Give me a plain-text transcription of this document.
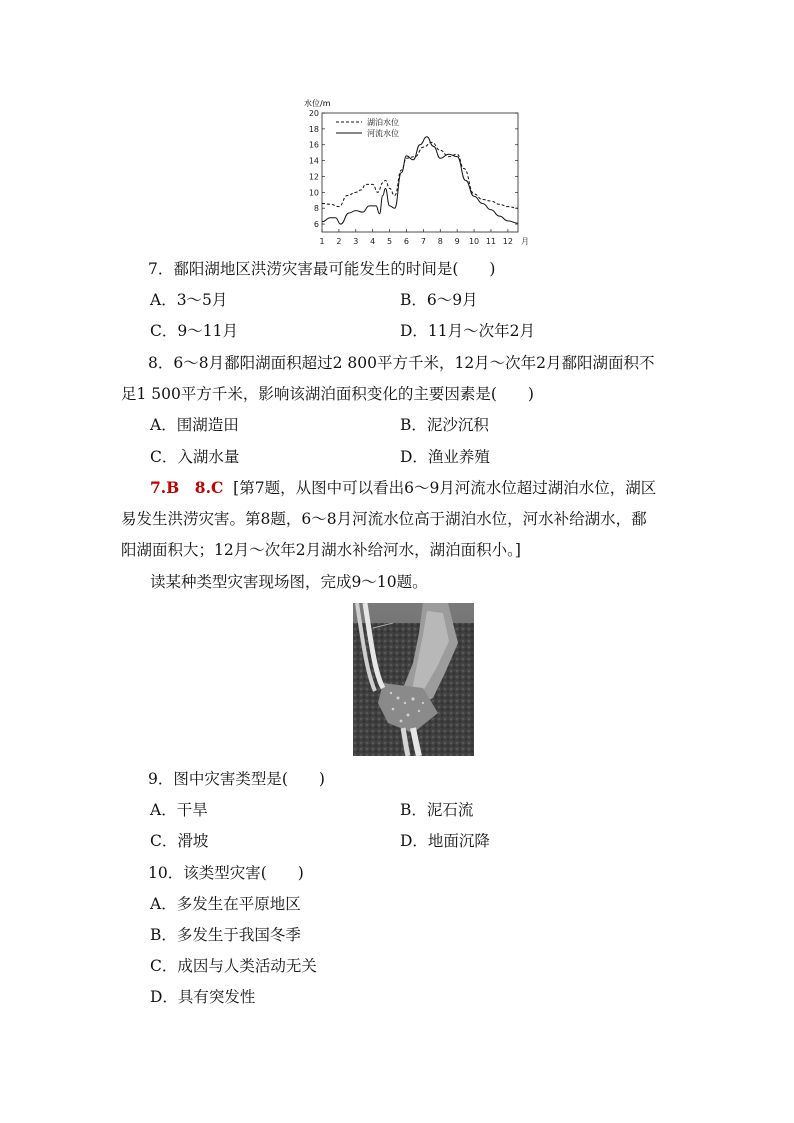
水位/m
6
8
10
12
14
16
18
20
1 2 3 4 5 6 7 8 9 10 11 12 月
湖泊水位
河流水位
7．鄱阳湖地区洪涝灾害最可能发生的时间是(　　)
A．3～5月	B．6～9月
C．9～11月	D．11月～次年2月
8．6～8月鄱阳湖面积超过2 800平方千米，12月～次年2月鄱阳湖面积不
足1 500平方千米，影响该湖泊面积变化的主要因素是(　　)
A．围湖造田	B．泥沙沉积
C．入湖水量	D．渔业养殖
7.B　8.C [第7题，从图中可以看出6～9月河流水位超过湖泊水位，湖区
易发生洪涝灾害。第8题，6～8月河流水位高于湖泊水位，河水补给湖水，鄱
阳湖面积大；12月～次年2月湖水补给河水，湖泊面积小。]
读某种类型灾害现场图，完成9～10题。
9．图中灾害类型是(　　)
A．干旱	B．泥石流
C．滑坡	D．地面沉降
10．该类型灾害(　　)
A．多发生在平原地区
B．多发生于我国冬季
C．成因与人类活动无关
D．具有突发性
